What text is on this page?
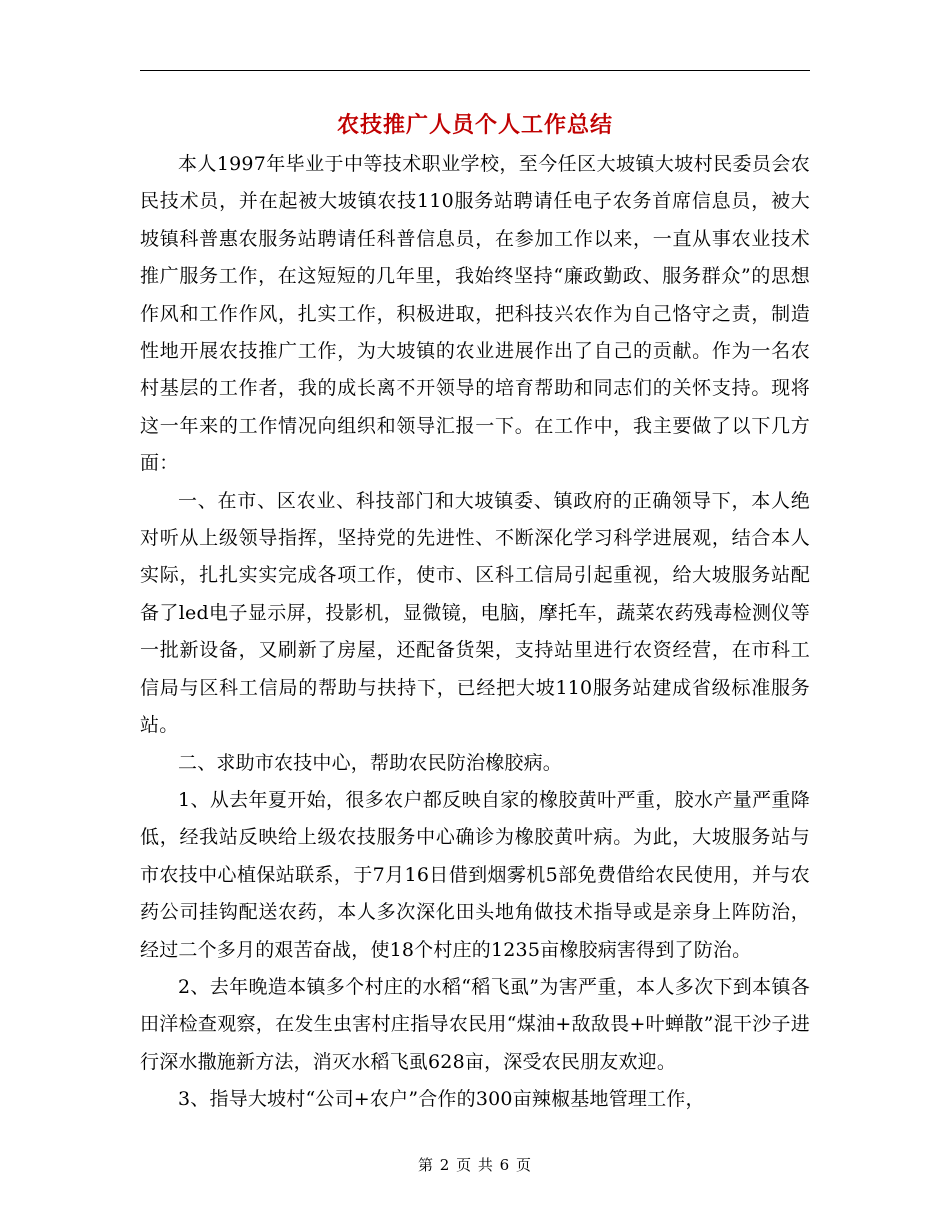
农技推广人员个人工作总结

本人1997年毕业于中等技术职业学校，至今任区大坡镇大坡村民委员会农民技术员，并在起被大坡镇农技110服务站聘请任电子农务首席信息员，被大坡镇科普惠农服务站聘请任科普信息员，在参加工作以来，一直从事农业技术推广服务工作，在这短短的几年里，我始终坚持“廉政勤政、服务群众”的思想作风和工作作风，扎实工作，积极进取，把科技兴农作为自己恪守之责，制造性地开展农技推广工作，为大坡镇的农业进展作出了自己的贡献。作为一名农村基层的工作者，我的成长离不开领导的培育帮助和同志们的关怀支持。现将这一年来的工作情况向组织和领导汇报一下。在工作中，我主要做了以下几方面：

一、在市、区农业、科技部门和大坡镇委、镇政府的正确领导下，本人绝对听从上级领导指挥，坚持党的先进性、不断深化学习科学进展观，结合本人实际，扎扎实实完成各项工作，使市、区科工信局引起重视，给大坡服务站配备了led电子显示屏，投影机，显微镜，电脑，摩托车，蔬菜农药残毒检测仪等一批新设备，又刷新了房屋，还配备货架，支持站里进行农资经营，在市科工信局与区科工信局的帮助与扶持下，已经把大坡110服务站建成省级标准服务站。

二、求助市农技中心，帮助农民防治橡胶病。

1、从去年夏开始，很多农户都反映自家的橡胶黄叶严重，胶水产量严重降低，经我站反映给上级农技服务中心确诊为橡胶黄叶病。为此，大坡服务站与市农技中心植保站联系，于7月16日借到烟雾机5部免费借给农民使用，并与农药公司挂钩配送农药，本人多次深化田头地角做技术指导或是亲身上阵防治，经过二个多月的艰苦奋战，使18个村庄的1235亩橡胶病害得到了防治。

2、去年晚造本镇多个村庄的水稻“稻飞虱”为害严重，本人多次下到本镇各田洋检查观察，在发生虫害村庄指导农民用“煤油+敌敌畏+叶蝉散”混干沙子进行深水撒施新方法，消灭水稻飞虱628亩，深受农民朋友欢迎。

3、指导大坡村“公司+农户”合作的300亩辣椒基地管理工作，

第 2 页 共 6 页
